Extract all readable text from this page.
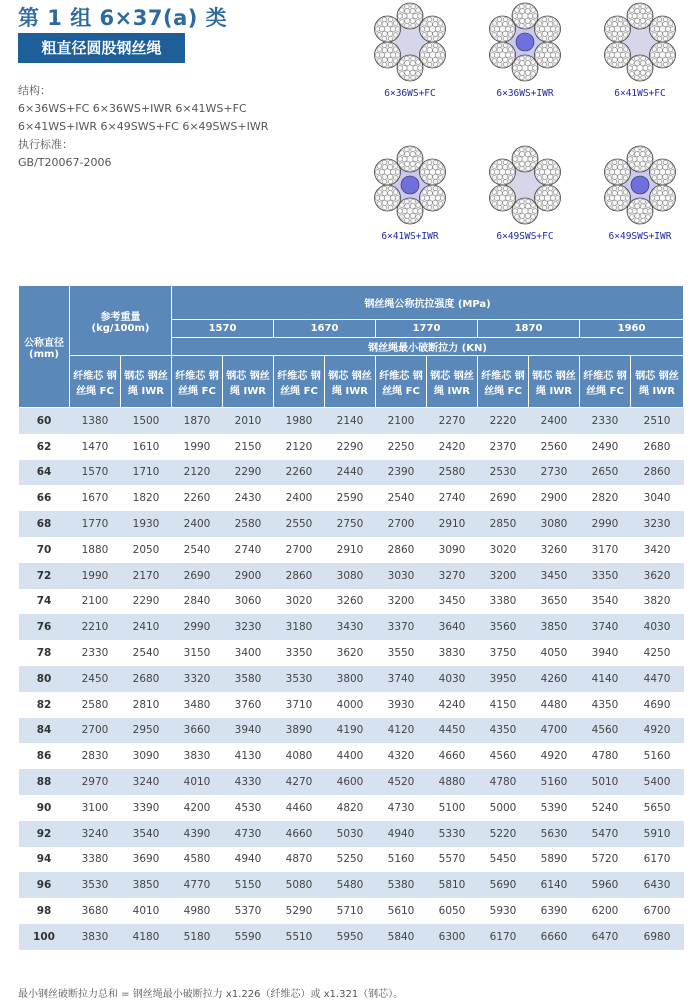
第 1 组 6×37(a) 类
粗直径圆股钢丝绳
结构：
6×36WS+FC 6×36WS+IWR 6×41WS+FC
6×41WS+IWR 6×49SWS+FC 6×49SWS+IWR
执行标准：
GB/T20067-2006
6×36WS+FC	6×36WS+IWR	6×41WS+FC
6×41WS+IWR	6×49SWS+FC	6×49SWS+IWR
公称直径 (mm)	参考重量 (kg/100m)		钢丝绳公称抗拉强度 (MPa)									
			1570		1670		1770		1870		1960	
			钢丝绳最小破断拉力 (KN)									
	纤维芯 钢丝绳 FC	钢芯 钢丝绳 IWR	纤维芯 钢丝绳 FC	钢芯 钢丝绳 IWR	纤维芯 钢丝绳 FC	钢芯 钢丝绳 IWR	纤维芯 钢丝绳 FC	钢芯 钢丝绳 IWR	纤维芯 钢丝绳 FC	钢芯 钢丝绳 IWR	纤维芯 钢丝绳 FC	钢芯 钢丝绳 IWR
60	1380	1500	1870	2010	1980	2140	2100	2270	2220	2400	2330	2510
62	1470	1610	1990	2150	2120	2290	2250	2420	2370	2560	2490	2680
64	1570	1710	2120	2290	2260	2440	2390	2580	2530	2730	2650	2860
66	1670	1820	2260	2430	2400	2590	2540	2740	2690	2900	2820	3040
68	1770	1930	2400	2580	2550	2750	2700	2910	2850	3080	2990	3230
70	1880	2050	2540	2740	2700	2910	2860	3090	3020	3260	3170	3420
72	1990	2170	2690	2900	2860	3080	3030	3270	3200	3450	3350	3620
74	2100	2290	2840	3060	3020	3260	3200	3450	3380	3650	3540	3820
76	2210	2410	2990	3230	3180	3430	3370	3640	3560	3850	3740	4030
78	2330	2540	3150	3400	3350	3620	3550	3830	3750	4050	3940	4250
80	2450	2680	3320	3580	3530	3800	3740	4030	3950	4260	4140	4470
82	2580	2810	3480	3760	3710	4000	3930	4240	4150	4480	4350	4690
84	2700	2950	3660	3940	3890	4190	4120	4450	4350	4700	4560	4920
86	2830	3090	3830	4130	4080	4400	4320	4660	4560	4920	4780	5160
88	2970	3240	4010	4330	4270	4600	4520	4880	4780	5160	5010	5400
90	3100	3390	4200	4530	4460	4820	4730	5100	5000	5390	5240	5650
92	3240	3540	4390	4730	4660	5030	4940	5330	5220	5630	5470	5910
94	3380	3690	4580	4940	4870	5250	5160	5570	5450	5890	5720	6170
96	3530	3850	4770	5150	5080	5480	5380	5810	5690	6140	5960	6430
98	3680	4010	4980	5370	5290	5710	5610	6050	5930	6390	6200	6700
100	3830	4180	5180	5590	5510	5950	5840	6300	6170	6660	6470	6980
最小钢丝破断拉力总和 = 钢丝绳最小破断拉力 x1.226（纤维芯）或 x1.321（钢芯）。
